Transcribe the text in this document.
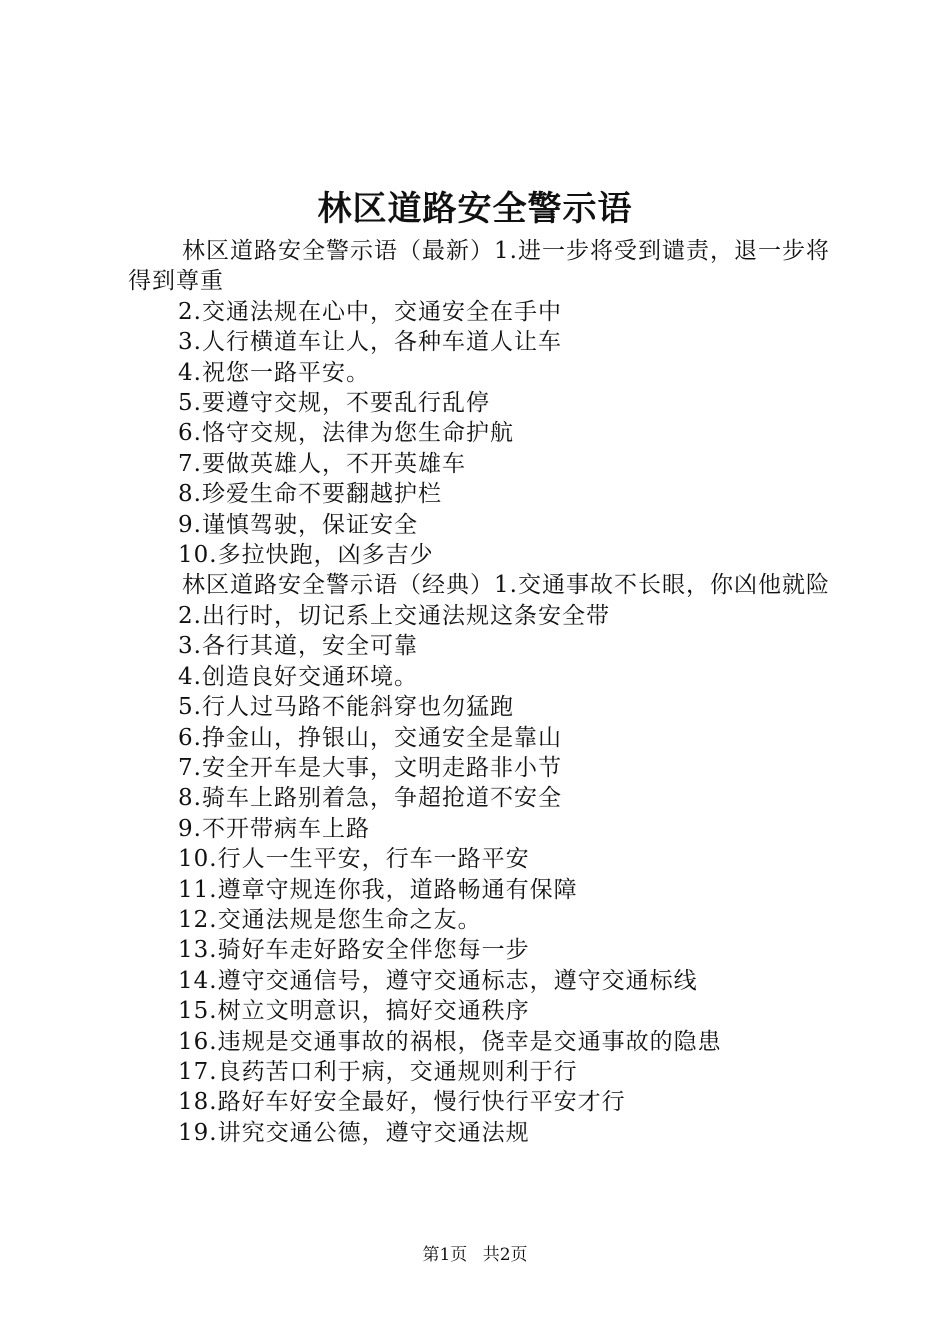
林区道路安全警示语

林区道路安全警示语（最新）1.进一步将受到谴责，退一步将得到尊重

2.交通法规在心中，交通安全在手中

3.人行横道车让人，各种车道人让车

4.祝您一路平安。

5.要遵守交规，不要乱行乱停

6.恪守交规，法律为您生命护航

7.要做英雄人，不开英雄车

8.珍爱生命不要翻越护栏

9.谨慎驾驶，保证安全

10.多拉快跑，凶多吉少

林区道路安全警示语（经典）1.交通事故不长眼，你凶他就险

2.出行时，切记系上交通法规这条安全带

3.各行其道，安全可靠

4.创造良好交通环境。

5.行人过马路不能斜穿也勿猛跑

6.挣金山，挣银山，交通安全是靠山

7.安全开车是大事，文明走路非小节

8.骑车上路别着急，争超抢道不安全

9.不开带病车上路

10.行人一生平安，行车一路平安

11.遵章守规连你我，道路畅通有保障

12.交通法规是您生命之友。

13.骑好车走好路安全伴您每一步

14.遵守交通信号，遵守交通标志，遵守交通标线

15.树立文明意识，搞好交通秩序

16.违规是交通事故的祸根，侥幸是交通事故的隐患

17.良药苦口利于病，交通规则利于行

18.路好车好安全最好，慢行快行平安才行

19.讲究交通公德，遵守交通法规

第1页 共2页
